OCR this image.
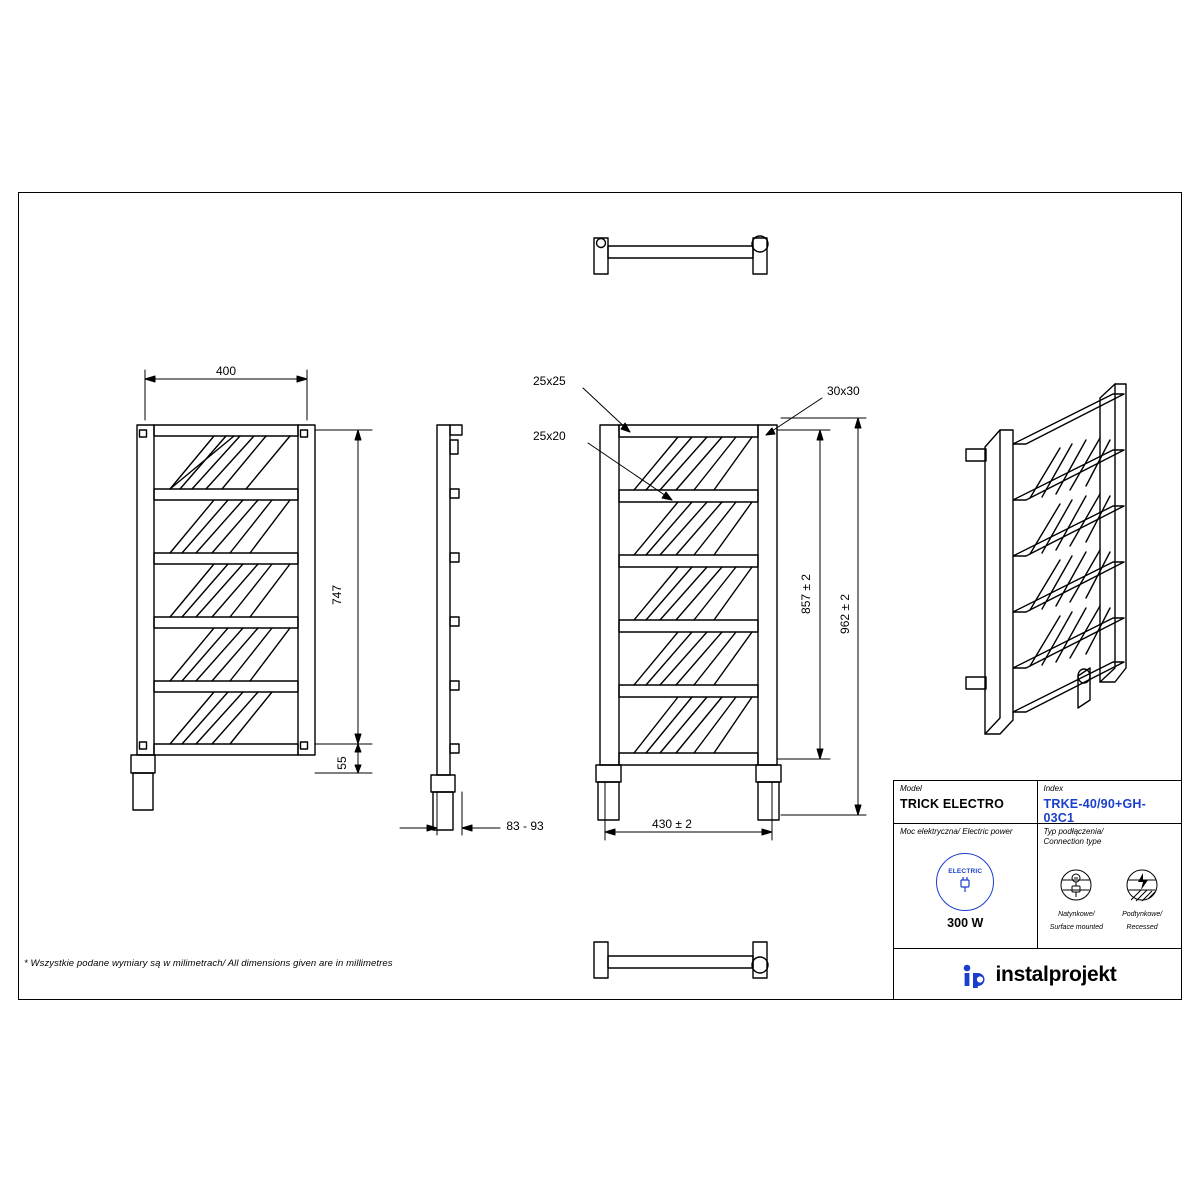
400
747
55
83 - 93	430 ± 2
857 ± 2
962 ± 2
25x25
25x20
30x30
* Wszystkie podane wymiary są w milimetrach/ All dimensions given are in millimetres
Model
TRICK ELECTRO
Index
TRKE-40/90+GH-03C1
Moc elektryczna/ Electric power
ELECTRIC
300 W
Typ podłączenia/
Connection type
Natynkowe/
Surface mounted
Podtynkowe/
Recessed
instalprojekt
